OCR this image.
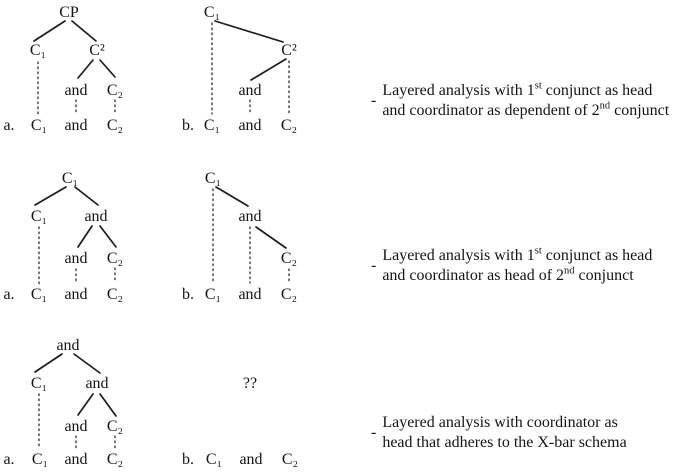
CP
C₁	C²
and C₂
a. C₁ and C₂
C₁
C²
and
b. C₁ and C₂
C₁
C₁ and
and C₂
a. C₁ and C₂
C₁
and
C₂
b. C₁ and C₂
and
C₁ and
and C₂
a. C₁ and C₂
??
b. C₁ and C₂
-
Layered analysis with 1st conjunct as head
and coordinator as dependent of 2nd conjunct
-
Layered analysis with 1st conjunct as head
and coordinator as head of 2nd conjunct
-
Layered analysis with coordinator as
head that adheres to the X-bar schema
